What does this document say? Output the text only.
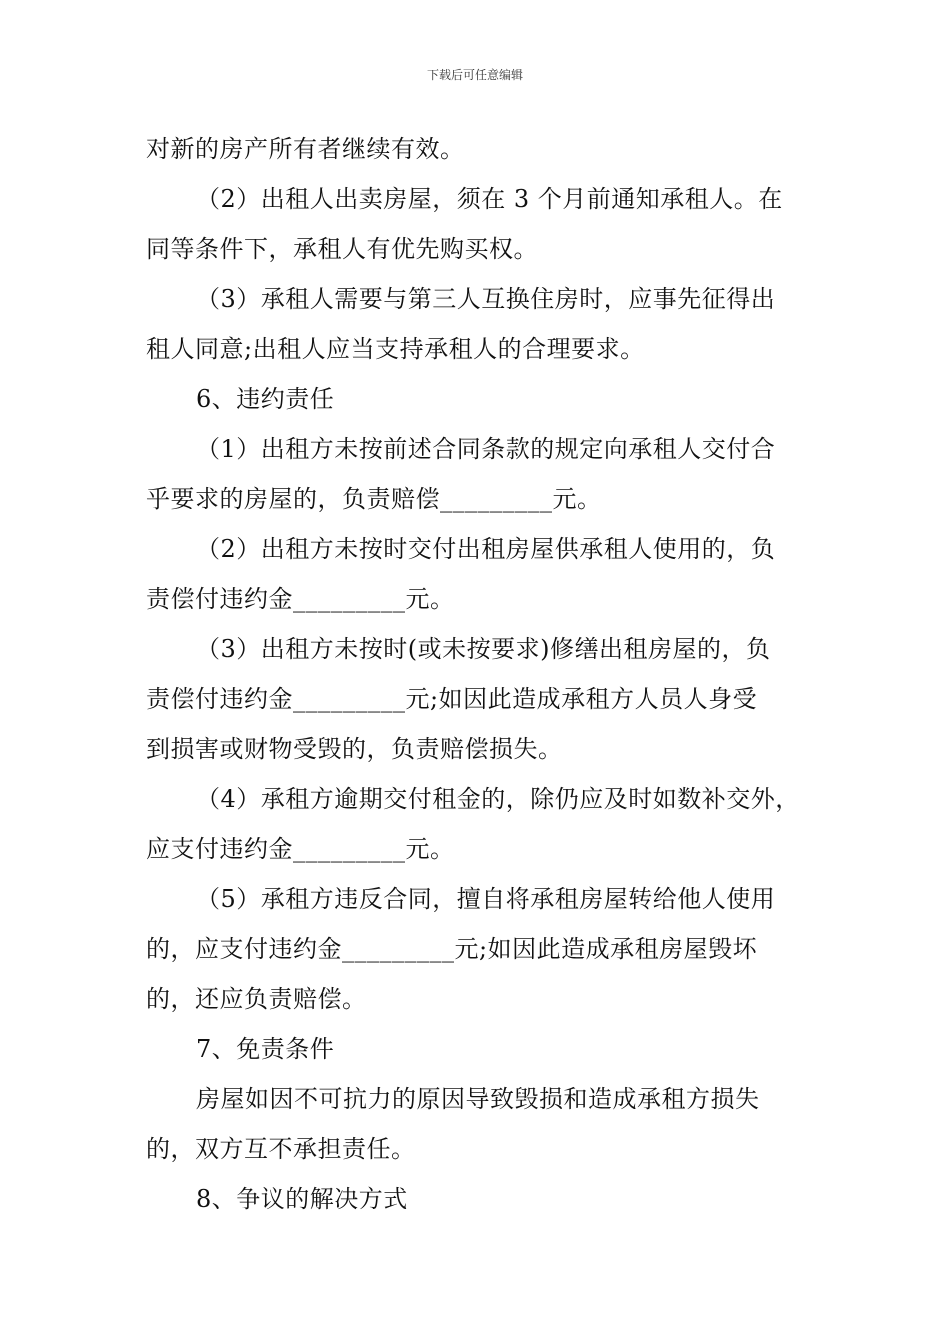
下载后可任意编辑
对新的房产所有者继续有效。
（2）出租人出卖房屋，须在 3 个月前通知承租人。在
同等条件下，承租人有优先购买权。
（3）承租人需要与第三人互换住房时，应事先征得出
租人同意;出租人应当支持承租人的合理要求。
6、违约责任
（1）出租方未按前述合同条款的规定向承租人交付合
乎要求的房屋的，负责赔偿_________元。
（2）出租方未按时交付出租房屋供承租人使用的，负
责偿付违约金_________元。
（3）出租方未按时(或未按要求)修缮出租房屋的，负
责偿付违约金_________元;如因此造成承租方人员人身受
到损害或财物受毁的，负责赔偿损失。
（4）承租方逾期交付租金的，除仍应及时如数补交外，
应支付违约金_________元。
（5）承租方违反合同，擅自将承租房屋转给他人使用
的，应支付违约金_________元;如因此造成承租房屋毁坏
的，还应负责赔偿。
7、免责条件
房屋如因不可抗力的原因导致毁损和造成承租方损失
的，双方互不承担责任。
8、争议的解决方式
